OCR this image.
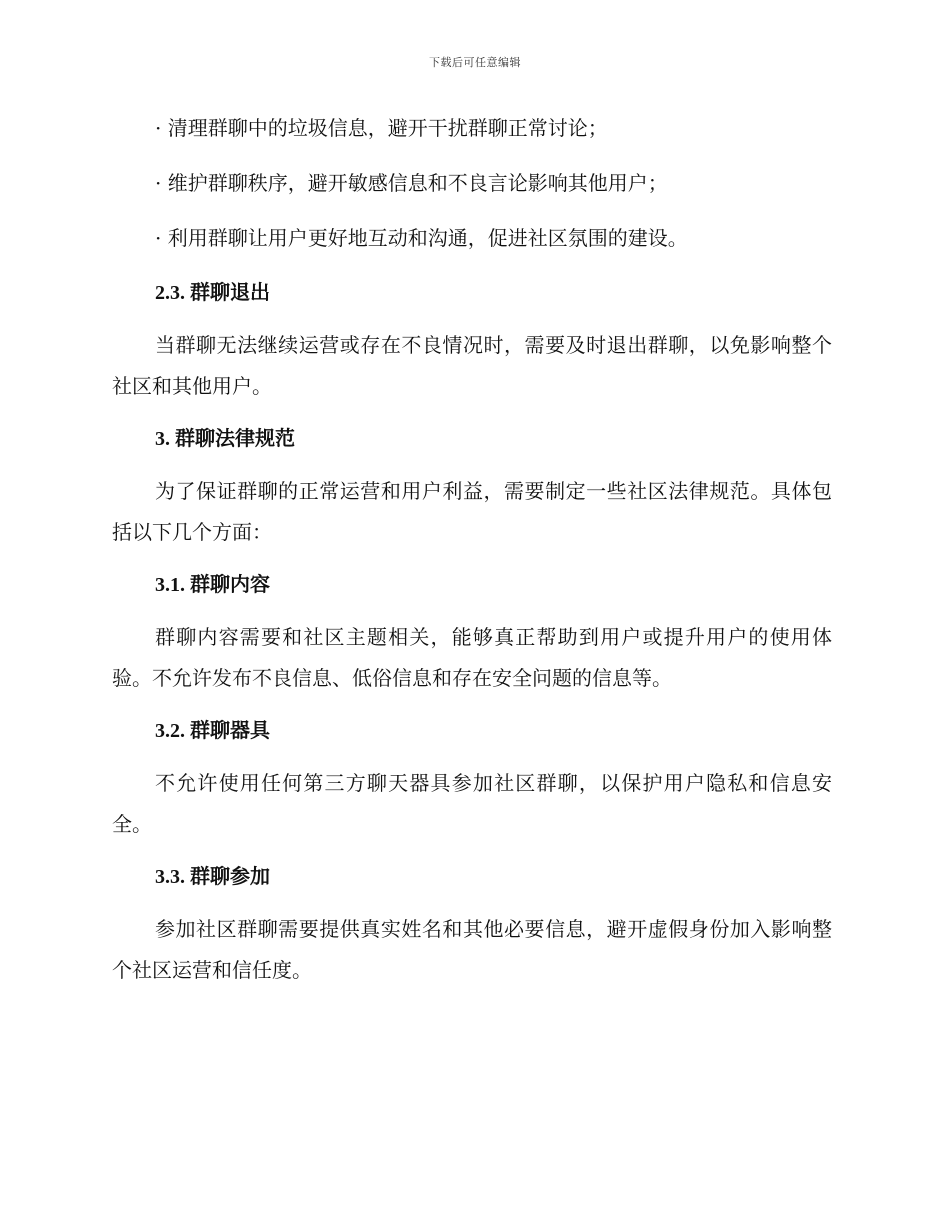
下载后可任意编辑

· 清理群聊中的垃圾信息，避开干扰群聊正常讨论；

· 维护群聊秩序，避开敏感信息和不良言论影响其他用户；

· 利用群聊让用户更好地互动和沟通，促进社区氛围的建设。

2.3. 群聊退出

当群聊无法继续运营或存在不良情况时，需要及时退出群聊，以免影响整个社区和其他用户。

3. 群聊法律规范

为了保证群聊的正常运营和用户利益，需要制定一些社区法律规范。具体包括以下几个方面：

3.1. 群聊内容

群聊内容需要和社区主题相关，能够真正帮助到用户或提升用户的使用体验。不允许发布不良信息、低俗信息和存在安全问题的信息等。

3.2. 群聊器具

不允许使用任何第三方聊天器具参加社区群聊，以保护用户隐私和信息安全。

3.3. 群聊参加

参加社区群聊需要提供真实姓名和其他必要信息，避开虚假身份加入影响整个社区运营和信任度。
